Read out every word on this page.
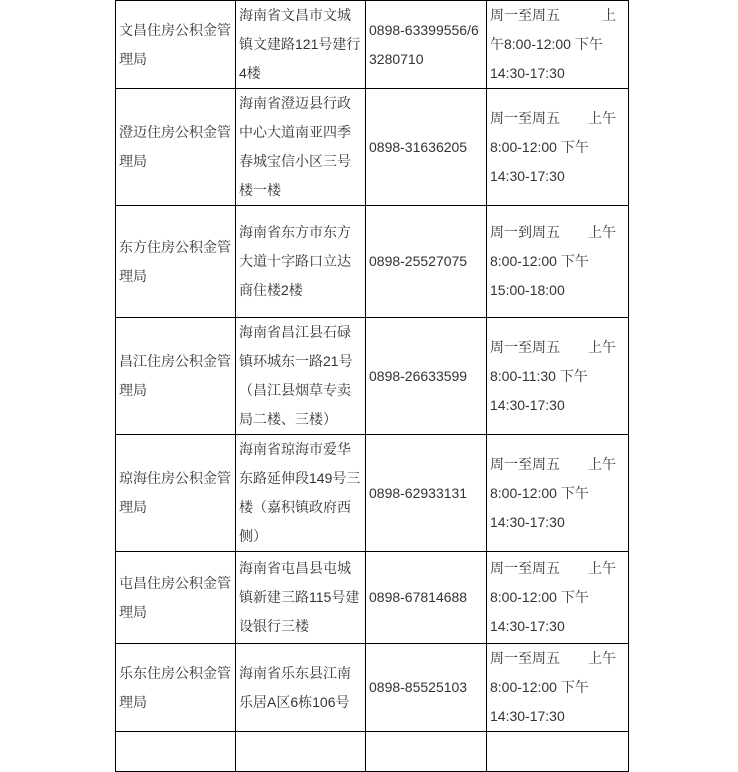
文昌住房公积金管理局	海南省文昌市文城镇文建路121号建行4楼	0898-63399556/63280710	周一至周五　　　上午8:00-12:00 下午14:30-17:30
澄迈住房公积金管理局	海南省澄迈县行政中心大道南亚四季春城宝信小区三号楼一楼	0898-31636205	周一至周五　　上午8:00-12:00 下午14:30-17:30
东方住房公积金管理局	海南省东方市东方大道十字路口立达商住楼2楼	0898-25527075	周一到周五　　上午8:00-12:00 下午15:00-18:00
昌江住房公积金管理局	海南省昌江县石碌镇环城东一路21号（昌江县烟草专卖局二楼、三楼）	0898-26633599	周一至周五　　上午8:00-11:30 下午14:30-17:30
琼海住房公积金管理局	海南省琼海市爱华东路延伸段149号三楼（嘉积镇政府西侧）	0898-62933131	周一至周五　　上午8:00-12:00 下午14:30-17:30
屯昌住房公积金管理局	海南省屯昌县屯城镇新建三路115号建设银行三楼	0898-67814688	周一至周五　　上午8:00-12:00 下午14:30-17:30
乐东住房公积金管理局	海南省乐东县江南乐居A区6栋106号	0898-85525103	周一至周五　　上午8:00-12:00 下午14:30-17:30
